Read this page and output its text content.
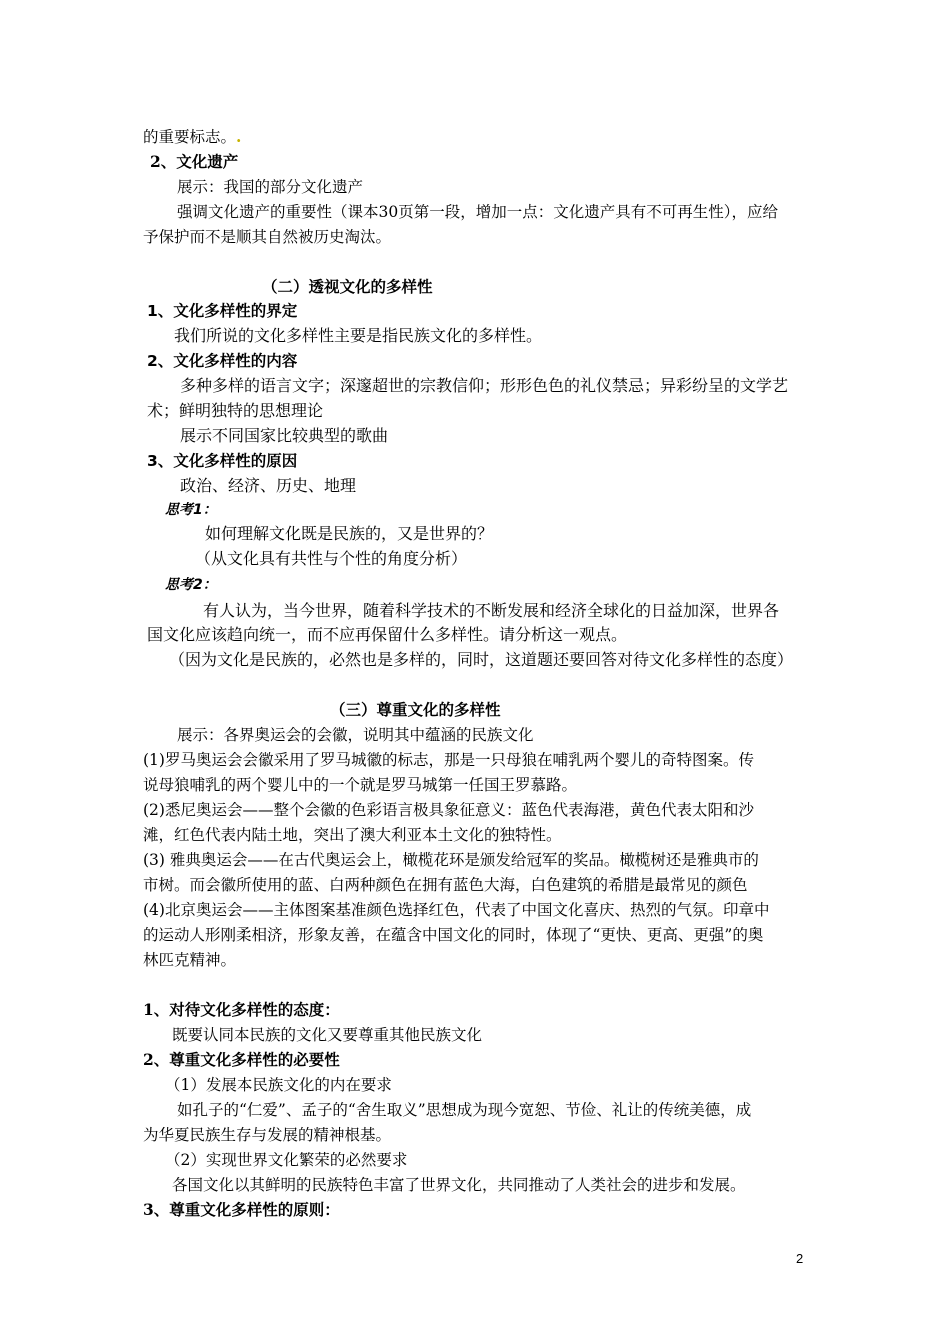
的重要标志。.
2、文化遗产
展示：我国的部分文化遗产
强调文化遗产的重要性（课本30页第一段，增加一点：文化遗产具有不可再生性），应给
予保护而不是顺其自然被历史淘汰。
（二）透视文化的多样性
1、文化多样性的界定
我们所说的文化多样性主要是指民族文化的多样性。
2、文化多样性的内容
多种多样的语言文字；深邃超世的宗教信仰；形形色色的礼仪禁忌；异彩纷呈的文学艺
术；鲜明独特的思想理论
展示不同国家比较典型的歌曲
3、文化多样性的原因
政治、经济、历史、地理
思考1：
如何理解文化既是民族的，又是世界的？
（从文化具有共性与个性的角度分析）
思考2：
有人认为，当今世界，随着科学技术的不断发展和经济全球化的日益加深，世界各
国文化应该趋向统一，而不应再保留什么多样性。请分析这一观点。
（因为文化是民族的，必然也是多样的，同时，这道题还要回答对待文化多样性的态度）
（三）尊重文化的多样性
展示：各界奥运会的会徽，说明其中蕴涵的民族文化
(1)罗马奥运会会徽采用了罗马城徽的标志，那是一只母狼在哺乳两个婴儿的奇特图案。传
说母狼哺乳的两个婴儿中的一个就是罗马城第一任国王罗慕路。
(2)悉尼奥运会——整个会徽的色彩语言极具象征意义：蓝色代表海港，黄色代表太阳和沙
滩，红色代表内陆土地，突出了澳大利亚本土文化的独特性。
(3) 雅典奥运会——在古代奥运会上，橄榄花环是颁发给冠军的奖品。橄榄树还是雅典市的
市树。而会徽所使用的蓝、白两种颜色在拥有蓝色大海，白色建筑的希腊是最常见的颜色
(4)北京奥运会——主体图案基准颜色选择红色，代表了中国文化喜庆、热烈的气氛。印章中
的运动人形刚柔相济，形象友善，在蕴含中国文化的同时，体现了“更快、更高、更强”的奥
林匹克精神。
1、对待文化多样性的态度：
既要认同本民族的文化又要尊重其他民族文化
2、尊重文化多样性的必要性
（1）发展本民族文化的内在要求
如孔子的“仁爱”、孟子的“舍生取义”思想成为现今宽恕、节俭、礼让的传统美德，成
为华夏民族生存与发展的精神根基。
（2）实现世界文化繁荣的必然要求
各国文化以其鲜明的民族特色丰富了世界文化，共同推动了人类社会的进步和发展。
3、尊重文化多样性的原则：
2
